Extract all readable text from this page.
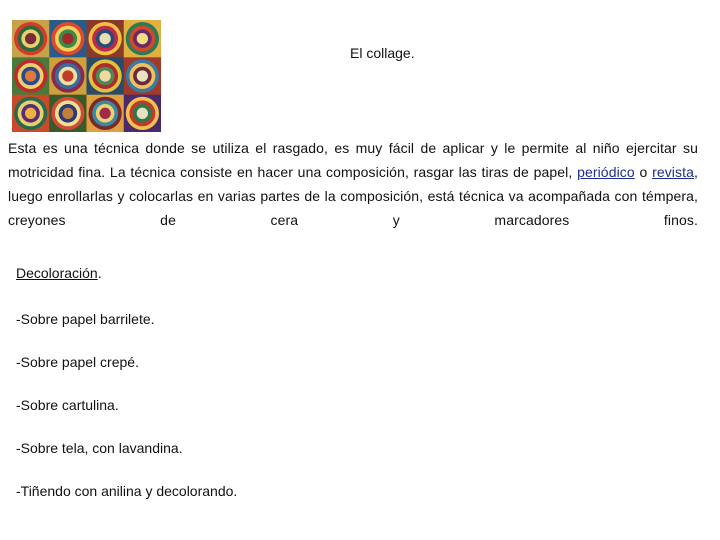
El collage.
Esta es una técnica donde se utiliza el rasgado, es muy fácil de aplicar y le permite al niño ejercitar su motricidad fina. La técnica consiste en hacer una composición, rasgar las tiras de papel, periódico o revista, luego enrollarlas y colocarlas en varias partes de la composición, está técnica va acompañada con témpera, creyones de cera y marcadores finos.
Decoloración.
-Sobre papel barrilete.
-Sobre papel crepé.
-Sobre cartulina.
-Sobre tela, con lavandina.
-Tiñendo con anilina y decolorando.
